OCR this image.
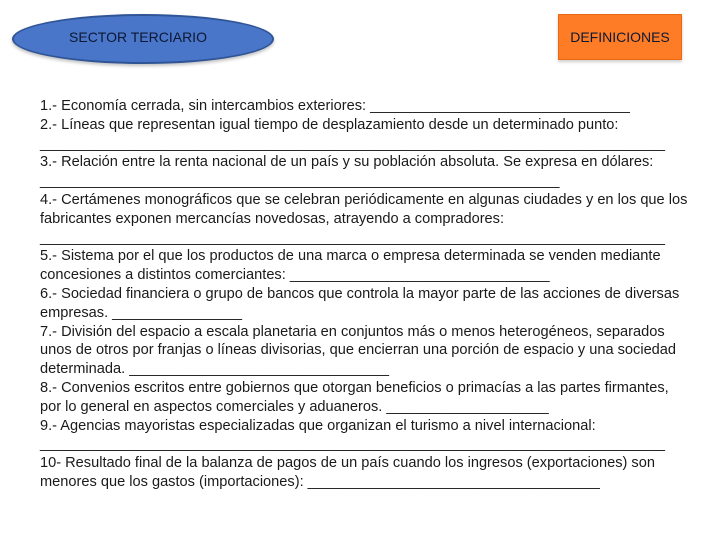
SECTOR TERCIARIO	DEFINICIONES

1.- Economía cerrada, sin intercambios exteriores: ________________________________

2.- Líneas que representan igual tiempo de desplazamiento desde un determinado punto: _____________________________________________________________________________

3.- Relación entre la renta nacional de un país y su población absoluta. Se expresa en dólares: ________________________________________________________________

4.- Certámenes monográficos que se celebran periódicamente en algunas ciudades y en los que los fabricantes exponen mercancías novedosas, atrayendo a compradores: _____________________________________________________________________________

5.- Sistema por el que los productos de una marca o empresa determinada se venden mediante concesiones a distintos comerciantes: ________________________________

6.- Sociedad financiera o grupo de bancos que controla la mayor parte de las acciones de diversas empresas. ________________

7.- División del espacio a escala planetaria en conjuntos más o menos heterogéneos, separados unos de otros por franjas o líneas divisorias, que encierran una porción de espacio y una sociedad determinada. ________________________________

8.- Convenios escritos entre gobiernos que otorgan beneficios o primacías a las partes firmantes, por lo general en aspectos comerciales y aduaneros. ____________________

9.- Agencias mayoristas especializadas que organizan el turismo a nivel internacional: _____________________________________________________________________________

10- Resultado final de la balanza de pagos de un país cuando los ingresos (exportaciones) son menores que los gastos (importaciones): ____________________________________
